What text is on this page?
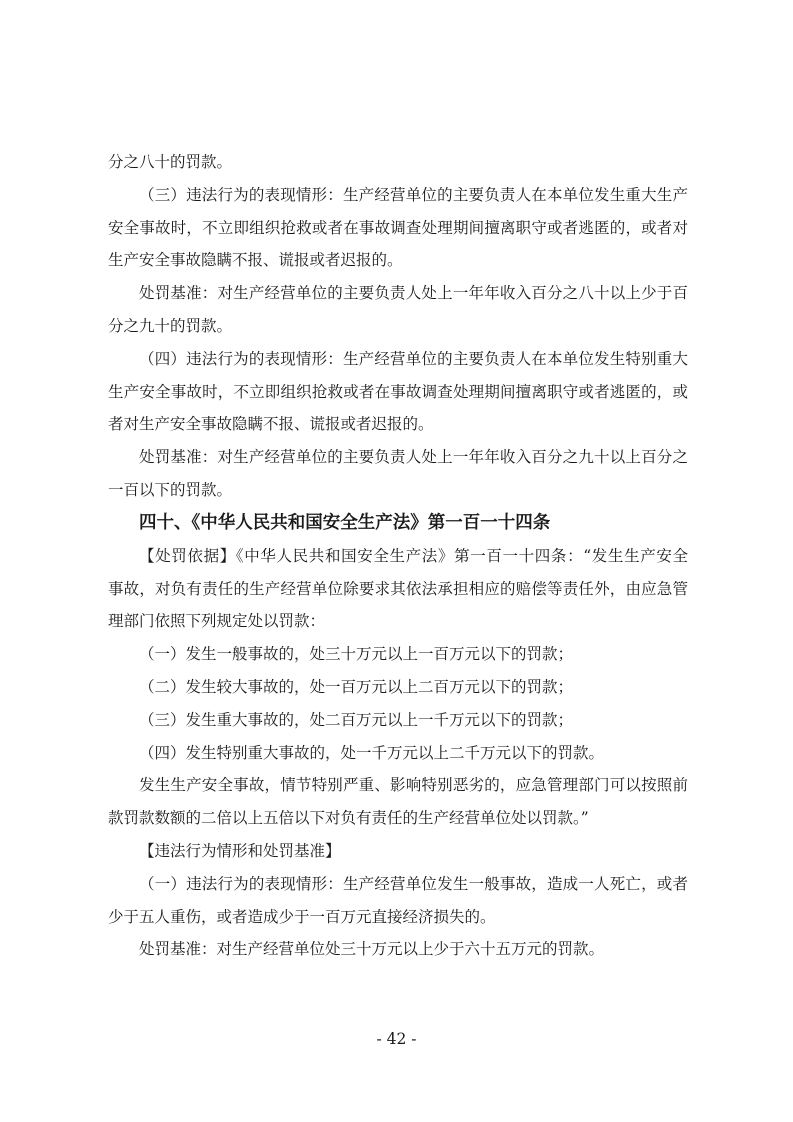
分之八十的罚款。
（三）违法行为的表现情形：生产经营单位的主要负责人在本单位发生重大生产
安全事故时，不立即组织抢救或者在事故调查处理期间擅离职守或者逃匿的，或者对
生产安全事故隐瞒不报、谎报或者迟报的。
处罚基准：对生产经营单位的主要负责人处上一年年收入百分之八十以上少于百
分之九十的罚款。
（四）违法行为的表现情形：生产经营单位的主要负责人在本单位发生特别重大
生产安全事故时，不立即组织抢救或者在事故调查处理期间擅离职守或者逃匿的，或
者对生产安全事故隐瞒不报、谎报或者迟报的。
处罚基准：对生产经营单位的主要负责人处上一年年收入百分之九十以上百分之
一百以下的罚款。
四十、《中华人民共和国安全生产法》第一百一十四条
【处罚依据】《中华人民共和国安全生产法》第一百一十四条：“发生生产安全
事故，对负有责任的生产经营单位除要求其依法承担相应的赔偿等责任外，由应急管
理部门依照下列规定处以罚款：
（一）发生一般事故的，处三十万元以上一百万元以下的罚款；
（二）发生较大事故的，处一百万元以上二百万元以下的罚款；
（三）发生重大事故的，处二百万元以上一千万元以下的罚款；
（四）发生特别重大事故的，处一千万元以上二千万元以下的罚款。
发生生产安全事故，情节特别严重、影响特别恶劣的，应急管理部门可以按照前
款罚款数额的二倍以上五倍以下对负有责任的生产经营单位处以罚款。”
【违法行为情形和处罚基准】
（一）违法行为的表现情形：生产经营单位发生一般事故，造成一人死亡，或者
少于五人重伤，或者造成少于一百万元直接经济损失的。
处罚基准：对生产经营单位处三十万元以上少于六十五万元的罚款。
- 42 -
